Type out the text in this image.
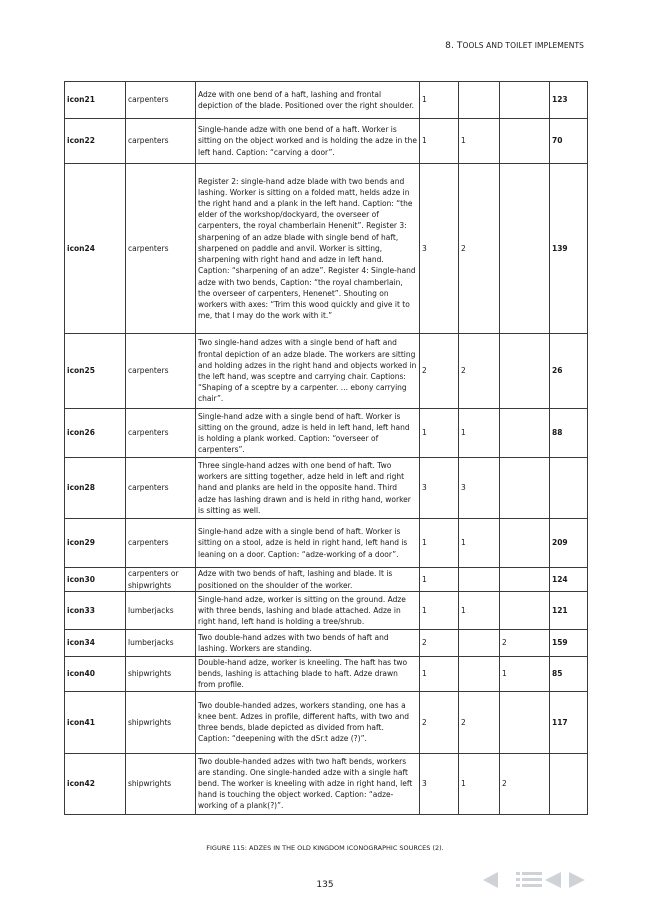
8. TOOLS AND TOILET IMPLEMENTS
icon21	carpenters	Adze with one bend of a haft, lashing and frontal depiction of the blade. Positioned over the right shoulder.	1			123
icon22	carpenters	Single-hande adze with one bend of a haft. Worker is sitting on the object worked and is holding the adze in the left hand. Caption: “carving a door”.	1	1		70
icon24	carpenters	Register 2: single-hand adze blade with two bends and lashing. Worker is sitting on a folded matt, helds adze in the right hand and a plank in the left hand. Caption: “the elder of the workshop/dockyard, the overseer of carpenters, the royal chamberlain Henenit”. Register 3: sharpening of an adze blade with single bend of haft, sharpened on paddle and anvil. Worker is sitting, sharpening with right hand and adze in left hand. Caption: “sharpening of an adze”. Register 4: Single-hand adze with two bends, Caption: “the royal chamberlain, the overseer of carpenters, Henenet”. Shouting on workers with axes: “Trim this wood quickly and give it to me, that I may do the work with it.”	3	2		139
icon25	carpenters	Two single-hand adzes with a single bend of haft and frontal depiction of an adze blade. The workers are sitting and holding adzes in the right hand and objects worked in the left hand, was sceptre and carrying chair. Captions: “Shaping of a sceptre by a carpenter. ... ebony carrying chair”.	2	2		26
icon26	carpenters	Single-hand adze with a single bend of haft. Worker is sitting on the ground, adze is held in left hand, left hand is holding a plank worked. Caption: “overseer of carpenters”.	1	1		88
icon28	carpenters	Three single-hand adzes with one bend of haft. Two workers are sitting together, adze held in left and right hand and planks are held in the opposite hand. Third adze has lashing drawn and is held in rithg hand, worker is sitting as well.	3	3		
icon29	carpenters	Single-hand adze with a single bend of haft. Worker is sitting on a stool, adze is held in right hand, left hand is leaning on a door. Caption: “adze-working of a door”.	1	1		209
icon30	carpenters or shipwrights	Adze with two bends of haft, lashing and blade. It is positioned on the shoulder of the worker.	1			124
icon33	lumberjacks	Single-hand adze, worker is sitting on the ground. Adze with three bends, lashing and blade attached. Adze in right hand, left hand is holding a tree/shrub.	1	1		121
icon34	lumberjacks	Two double-hand adzes with two bends of haft and lashing. Workers are standing.	2		2	159
icon40	shipwrights	Double-hand adze, worker is kneeling. The haft has two bends, lashing is attaching blade to haft. Adze drawn from profile.	1		1	85
icon41	shipwrights	Two double-handed adzes, workers standing, one has a knee bent. Adzes in profile, different hafts, with two and three bends, blade depicted as divided from haft. Caption: “deepening with the dSr.t adze (?)”.	2	2		117
icon42	shipwrights	Two double-handed adzes with two haft bends, workers are standing. One single-handed adze with a single haft bend. The worker is kneeling with adze in right hand, left hand is touching the object worked. Caption: “adze-working of a plank(?)”.	3	1	2	
FIGURE 115: ADZES IN THE OLD KINGDOM ICONOGRAPHIC SOURCES (2).
135
